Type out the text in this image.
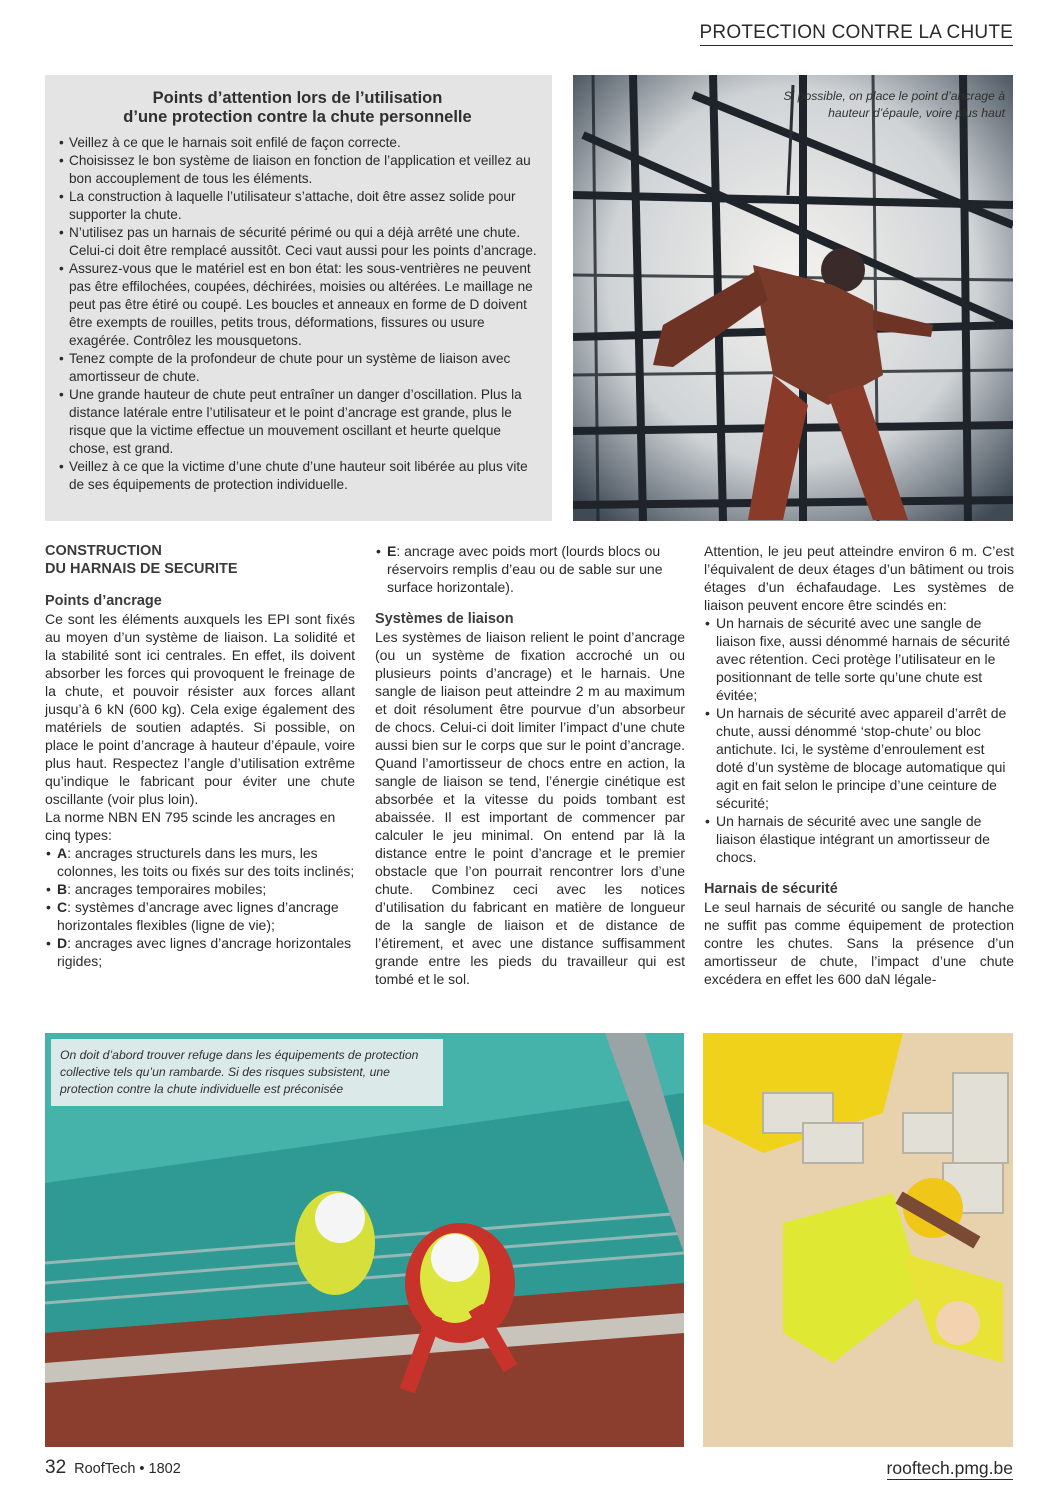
PROTECTION CONTRE LA CHUTE
Points d’attention lors de l’utilisation
d’une protection contre la chute personnelle
• Veillez à ce que le harnais soit enfilé de façon correcte.
• Choisissez le bon système de liaison en fonction de l’application et veillez au bon accouplement de tous les éléments.
• La construction à laquelle l’utilisateur s’attache, doit être assez solide pour supporter la chute.
• N’utilisez pas un harnais de sécurité périmé ou qui a déjà arrêté une chute. Celui-ci doit être remplacé aussitôt. Ceci vaut aussi pour les points d’ancrage.
• Assurez-vous que le matériel est en bon état: les sous-ventrières ne peuvent pas être effilochées, coupées, déchirées, moisies ou altérées. Le maillage ne peut pas être étiré ou coupé. Les boucles et anneaux en forme de D doivent être exempts de rouilles, petits trous, déformations, fissures ou usure exagérée. Contrôlez les mousquetons.
• Tenez compte de la profondeur de chute pour un système de liaison avec amortisseur de chute.
• Une grande hauteur de chute peut entraîner un danger d’oscillation. Plus la distance latérale entre l’utilisateur et le point d’ancrage est grande, plus le risque que la victime effectue un mouvement oscillant et heurte quelque chose, est grand.
• Veillez à ce que la victime d’une chute d’une hauteur soit libérée au plus vite de ses équipements de protection individuelle.
Si possible, on place le point d’ancrage à hauteur d’épaule, voire plus haut
CONSTRUCTION
DU HARNAIS DE SECURITE
Points d’ancrage

Ce sont les éléments auxquels les EPI sont fixés au moyen d’un système de liaison. La solidité et la stabilité sont ici centrales. En effet, ils doivent absorber les forces qui provoquent le freinage de la chute, et pouvoir résister aux forces allant jusqu’à 6 kN (600 kg). Cela exige également des matériels de soutien adaptés. Si possible, on place le point d’ancrage à hauteur d’épaule, voire plus haut. Respectez l’angle d’utilisation extrême qu’indique le fabricant pour éviter une chute oscillante (voir plus loin).

La norme NBN EN 795 scinde les ancrages en cinq types:

• A: ancrages structurels dans les murs, les colonnes, les toits ou fixés sur des toits inclinés;
• B: ancrages temporaires mobiles;
• C: systèmes d’ancrage avec lignes d’ancrage horizontales flexibles (ligne de vie);
• D: ancrages avec lignes d’ancrage horizontales rigides;
• E: ancrage avec poids mort (lourds blocs ou réservoirs remplis d’eau ou de sable sur une surface horizontale).
Systèmes de liaison

Les systèmes de liaison relient le point d’ancrage (ou un système de fixation accroché un ou plusieurs points d’ancrage) et le harnais. Une sangle de liaison peut atteindre 2 m au maximum et doit résolument être pourvue d’un absorbeur de chocs. Celui-ci doit limiter l’impact d’une chute aussi bien sur le corps que sur le point d’ancrage. Quand l’amortisseur de chocs entre en action, la sangle de liaison se tend, l’énergie cinétique est absorbée et la vitesse du poids tombant est abaissée. Il est important de commencer par calculer le jeu minimal. On entend par là la distance entre le point d’ancrage et le premier obstacle que l’on pourrait rencontrer lors d’une chute. Combinez ceci avec les notices d’utilisation du fabricant en matière de longueur de la sangle de liaison et de distance de l’étirement, et avec une distance suffisamment grande entre les pieds du travailleur qui est tombé et le sol.

Attention, le jeu peut atteindre environ 6 m. C’est l’équivalent de deux étages d’un bâtiment ou trois étages d’un échafaudage. Les systèmes de liaison peuvent encore être scindés en:

• Un harnais de sécurité avec une sangle de liaison fixe, aussi dénommé harnais de sécurité avec rétention. Ceci protège l’utilisateur en le positionnant de telle sorte qu’une chute est évitée;
• Un harnais de sécurité avec appareil d’arrêt de chute, aussi dénommé ‘stop-chute’ ou bloc antichute. Ici, le système d’enroulement est doté d’un système de blocage automatique qui agit en fait selon le principe d’une ceinture de sécurité;
• Un harnais de sécurité avec une sangle de liaison élastique intégrant un amortisseur de chocs.
Harnais de sécurité

Le seul harnais de sécurité ou sangle de hanche ne suffit pas comme équipement de protection contre les chutes. Sans la présence d’un amortisseur de chute, l’impact d’une chute excédera en effet les 600 daN légale-

On doit d’abord trouver refuge dans les équipements de protection collective tels qu’un rambarde. Si des risques subsistent, une protection contre la chute individuelle est préconisée
32 RoofTech • 1802	rooftech.pmg.be
